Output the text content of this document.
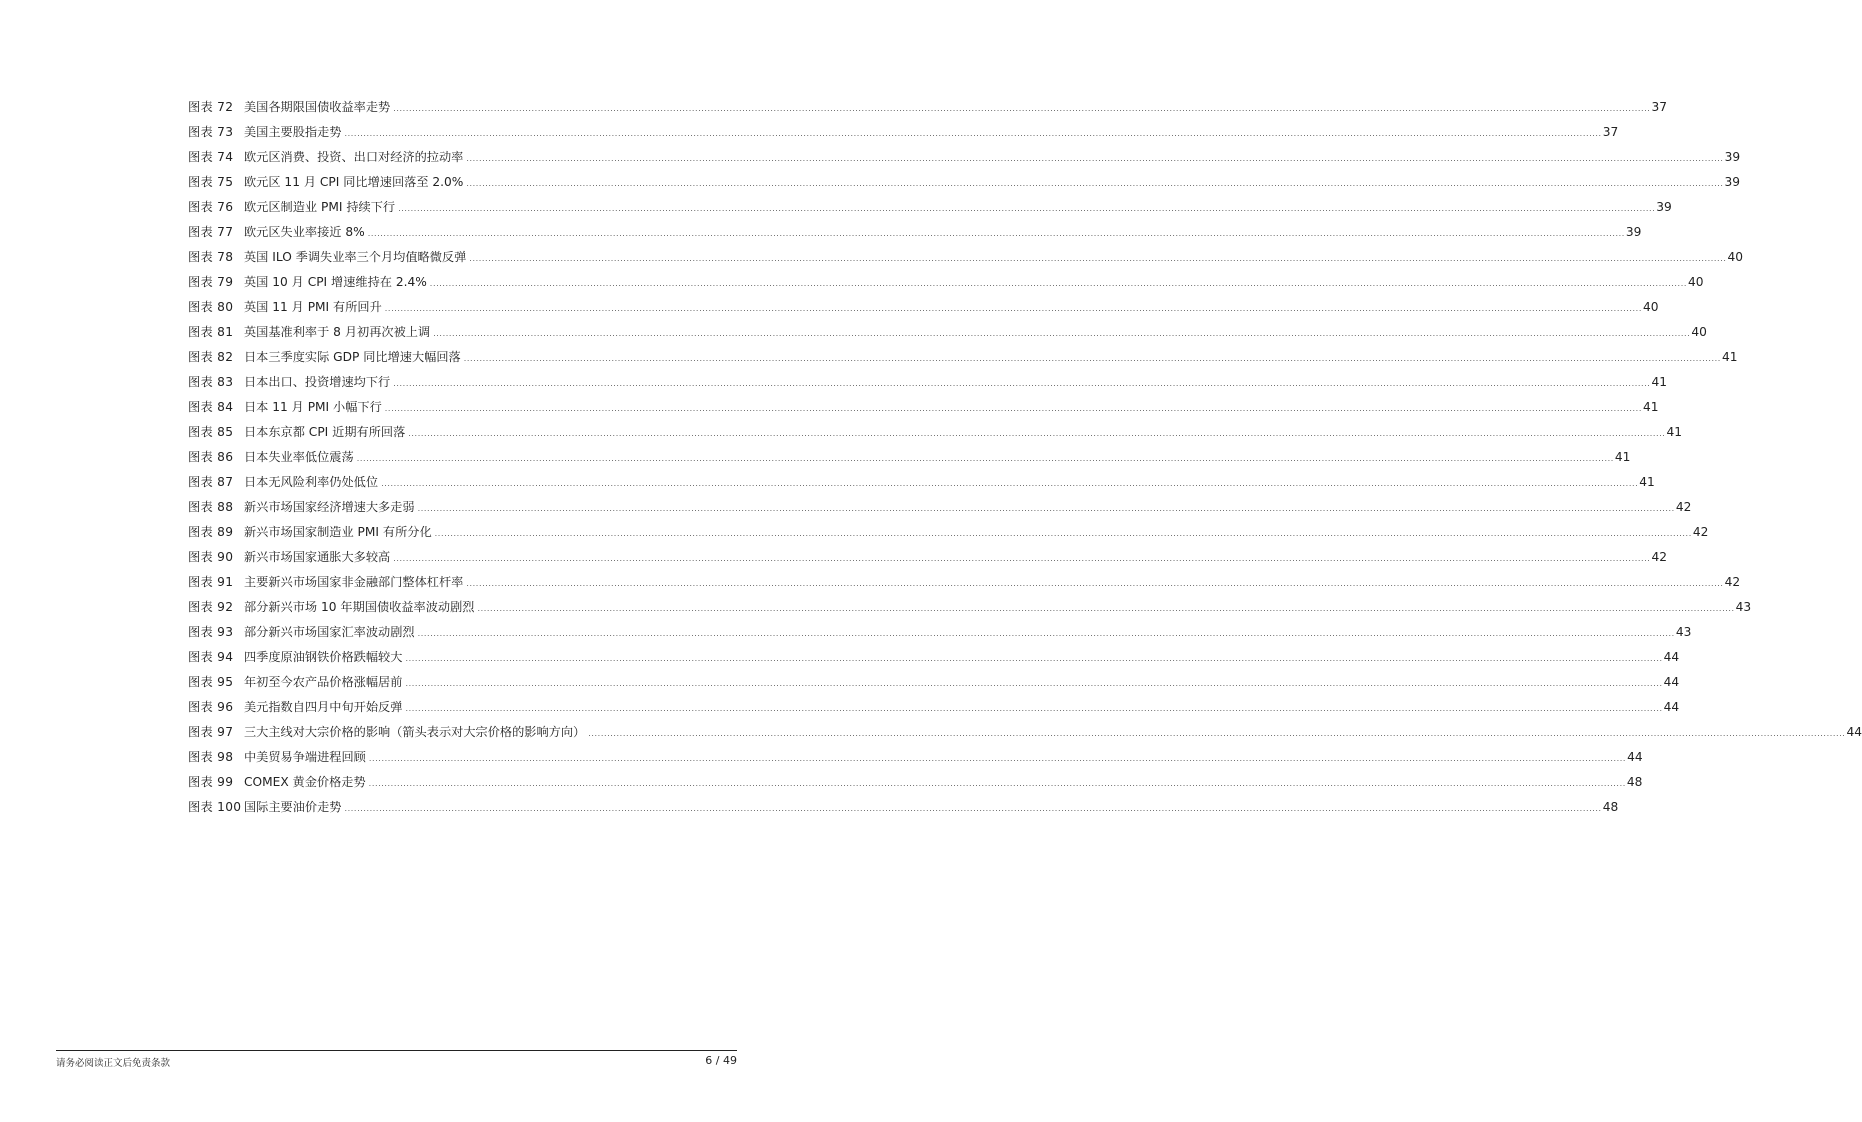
图表 72 美国各期限国债收益率走势 ................................................................................................................................................................................................................................................................................................................................................................................................................ 37
图表 73 美国主要股指走势 ................................................................................................................................................................................................................................................................................................................................................................................................................ 37
图表 74 欧元区消费、投资、出口对经济的拉动率 ................................................................................................................................................................................................................................................................................................................................................................................................................ 39
图表 75 欧元区 11 月 CPI 同比增速回落至 2.0% ................................................................................................................................................................................................................................................................................................................................................................................................................ 39
图表 76 欧元区制造业 PMI 持续下行 ................................................................................................................................................................................................................................................................................................................................................................................................................ 39
图表 77 欧元区失业率接近 8% ................................................................................................................................................................................................................................................................................................................................................................................................................ 39
图表 78 英国 ILO 季调失业率三个月均值略微反弹 ................................................................................................................................................................................................................................................................................................................................................................................................................ 40
图表 79 英国 10 月 CPI 增速维持在 2.4% ................................................................................................................................................................................................................................................................................................................................................................................................................ 40
图表 80 英国 11 月 PMI 有所回升 ................................................................................................................................................................................................................................................................................................................................................................................................................ 40
图表 81 英国基准利率于 8 月初再次被上调 ................................................................................................................................................................................................................................................................................................................................................................................................................ 40
图表 82 日本三季度实际 GDP 同比增速大幅回落 ................................................................................................................................................................................................................................................................................................................................................................................................................ 41
图表 83 日本出口、投资增速均下行 ................................................................................................................................................................................................................................................................................................................................................................................................................ 41
图表 84 日本 11 月 PMI 小幅下行 ................................................................................................................................................................................................................................................................................................................................................................................................................ 41
图表 85 日本东京都 CPI 近期有所回落 ................................................................................................................................................................................................................................................................................................................................................................................................................ 41
图表 86 日本失业率低位震荡 ................................................................................................................................................................................................................................................................................................................................................................................................................ 41
图表 87 日本无风险利率仍处低位 ................................................................................................................................................................................................................................................................................................................................................................................................................ 41
图表 88 新兴市场国家经济增速大多走弱 ................................................................................................................................................................................................................................................................................................................................................................................................................ 42
图表 89 新兴市场国家制造业 PMI 有所分化 ................................................................................................................................................................................................................................................................................................................................................................................................................ 42
图表 90 新兴市场国家通胀大多较高 ................................................................................................................................................................................................................................................................................................................................................................................................................ 42
图表 91 主要新兴市场国家非金融部门整体杠杆率 ................................................................................................................................................................................................................................................................................................................................................................................................................ 42
图表 92 部分新兴市场 10 年期国债收益率波动剧烈 ................................................................................................................................................................................................................................................................................................................................................................................................................ 43
图表 93 部分新兴市场国家汇率波动剧烈 ................................................................................................................................................................................................................................................................................................................................................................................................................ 43
图表 94 四季度原油钢铁价格跌幅较大 ................................................................................................................................................................................................................................................................................................................................................................................................................ 44
图表 95 年初至今农产品价格涨幅居前 ................................................................................................................................................................................................................................................................................................................................................................................................................ 44
图表 96 美元指数自四月中旬开始反弹 ................................................................................................................................................................................................................................................................................................................................................................................................................ 44
图表 97 三大主线对大宗价格的影响（箭头表示对大宗价格的影响方向） ................................................................................................................................................................................................................................................................................................................................................................................................................ 44
图表 98 中美贸易争端进程回顾 ................................................................................................................................................................................................................................................................................................................................................................................................................ 44
图表 99 COMEX 黄金价格走势 ................................................................................................................................................................................................................................................................................................................................................................................................................ 48
图表 100 国际主要油价走势 ................................................................................................................................................................................................................................................................................................................................................................................................................ 48
请务必阅读正文后免责条款	6 / 49
